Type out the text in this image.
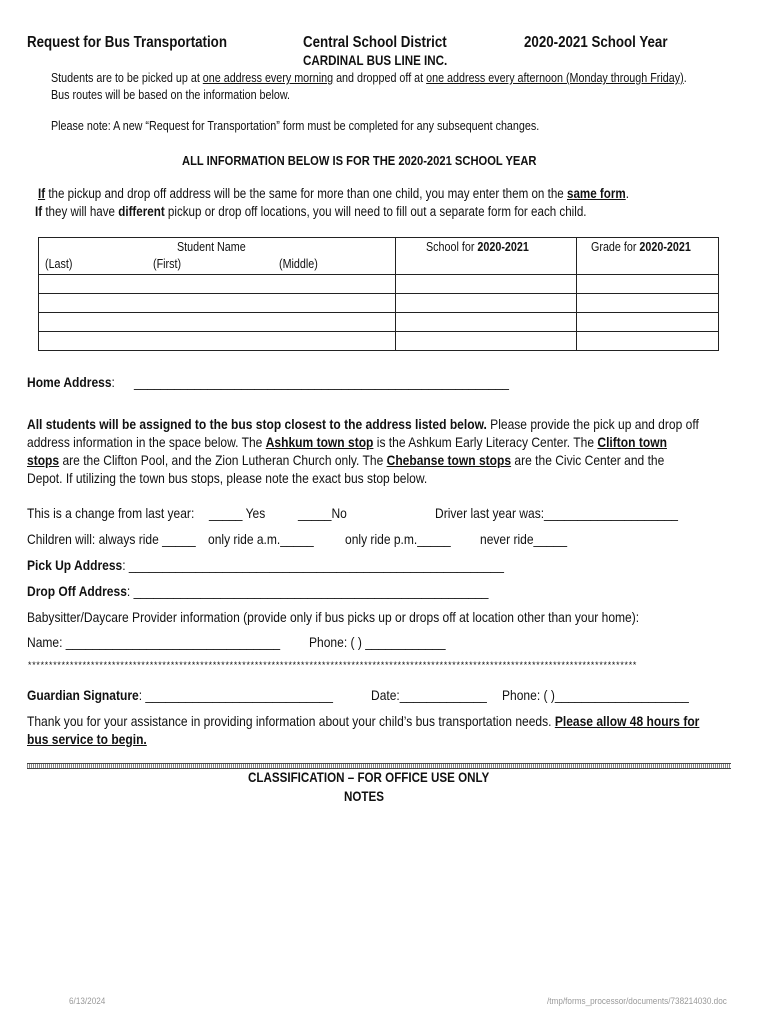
Request for Bus Transportation	Central School District	2020-2021 School Year
CARDINAL BUS LINE INC.
Students are to be picked up at one address every morning and dropped off at one address every afternoon (Monday through Friday).
Bus routes will be based on the information below.
Please note: A new “Request for Transportation” form must be completed for any subsequent changes.
ALL INFORMATION BELOW IS FOR THE 2020-2021 SCHOOL YEAR
If the pickup and drop off address will be the same for more than one child, you may enter them on the same form.
If they will have different pickup or drop off locations, you will need to fill out a separate form for each child.
Student Name
(Last) (First) (Middle)	School for 2020-2021	Grade for 2020-2021

Home Address: ________________________________________________________
All students will be assigned to the bus stop closest to the address listed below. Please provide the pick up and drop off
address information in the space below. The Ashkum town stop is the Ashkum Early Literacy Center. The Clifton town
stops are the Clifton Pool, and the Zion Lutheran Church only. The Chebanse town stops are the Civic Center and the
Depot. If utilizing the town bus stops, please note the exact bus stop below.
This is a change from last year: _____ Yes _____No	Driver last year was:____________________
Children will: always ride _____ only ride a.m._____ only ride p.m._____ never ride_____
Pick Up Address: ________________________________________________________
Drop Off Address: _____________________________________________________
Babysitter/Daycare Provider information (provide only if bus picks up or drops off at location other than your home):
Name: ________________________________ Phone: ( ) ____________
*************************************************************************************************************************************************
Guardian Signature: ____________________________	Date:_____________ Phone: ( )____________________
Thank you for your assistance in providing information about your child’s bus transportation needs. Please allow 48 hours for
bus service to begin.
CLASSIFICATION – FOR OFFICE USE ONLY
NOTES
6/13/2024	/tmp/forms_processor/documents/738214030.doc
